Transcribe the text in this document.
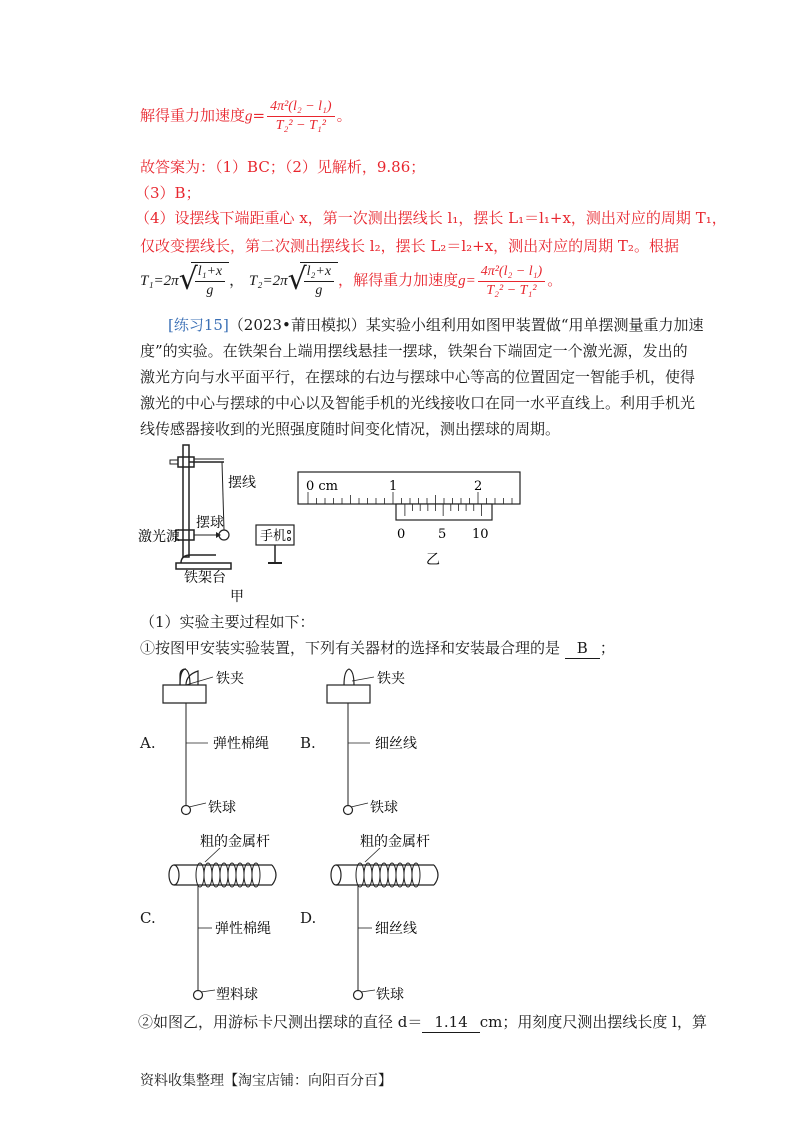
解得重力加速度$g= \frac{\text{4π²(l₂ − l₁)}}{\text{T₂² − T₁²}}$ 。
故答案为：（1）BC；（2）见解析，9.86；
（3）B；
（4）设摆线下端距重心 x，第一次测出摆线长 l₁，摆长 L₁＝l₁+x，测出对应的周期 T₁，
仅改变摆线长，第二次测出摆线长 l₂，摆长 L₂＝l₂+x，测出对应的周期 T₂。根据
T₁=2π √
$\frac{\text{l₁+x}}{g}$ ， T₂=2π √
$\frac{\text{l₂+x}}{g}$ ，解得重力加速度$g= \frac{\text{4π²(l₂ − l₁)}}{\text{T₂² − T₁²}}$ 。
[练习15]（2023•莆田模拟）某实验小组利用如图甲装置做“用单摆测量重力加速
度”的实验。在铁架台上端用摆线悬挂一摆球，铁架台下端固定一个激光源，发出的
激光方向与水平面平行，在摆球的右边与摆球中心等高的位置固定一智能手机，使得
激光的中心与摆球的中心以及智能手机的光线接收口在同一水平直线上。利用手机光
线传感器接收到的光照强度随时间变化情况，测出摆球的周期。
摆线
摆球
激光源
铁架台
甲
手机
0 cm	1	2
0	5 10
乙
（1）实验主要过程如下：
①按图甲安装实验装置，下列有关器材的选择和安装最合理的是 B ；
A.
铁夹
弹性棉绳
铁球
B.
铁夹
细丝线
铁球
C.
粗的金属杆
弹性棉绳
塑料球
D.
粗的金属杆
细丝线
铁球
②如图乙，用游标卡尺测出摆球的直径 d＝ 1.14 cm；用刻度尺测出摆线长度 l，算
资料收集整理【淘宝店铺：向阳百分百】
